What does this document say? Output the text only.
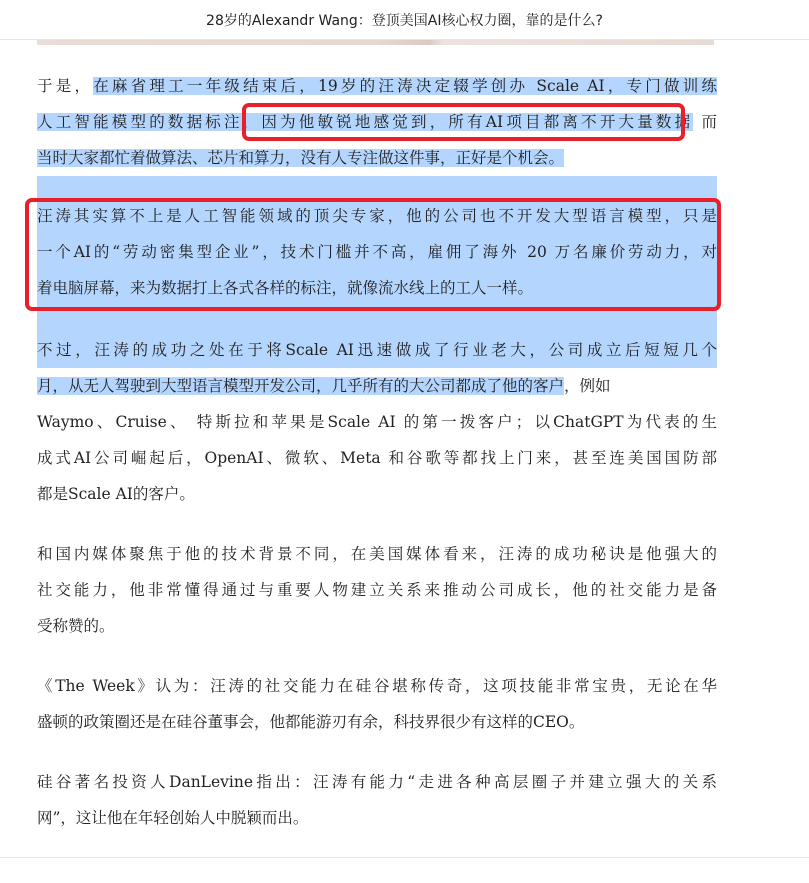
28岁的Alexandr Wang：登顶美国AI核心权力圈，靠的是什么?
于是，在麻省理工一年级结束后，19岁的汪涛决定辍学创办 Scale AI，专门做训练
人工智能模型的数据标注，因为他敏锐地感觉到，所有AI项目都离不开大量数据 而
当时大家都忙着做算法、芯片和算力，没有人专注做这件事，正好是个机会。
汪涛其实算不上是人工智能领域的顶尖专家，他的公司也不开发大型语言模型，只是
一个AI的“劳动密集型企业”，技术门槛并不高，雇佣了海外 20 万名廉价劳动力，对
着电脑屏幕，来为数据打上各式各样的标注，就像流水线上的工人一样。
不过，汪涛的成功之处在于将Scale AI迅速做成了行业老大，公司成立后短短几个
月，从无人驾驶到大型语言模型开发公司，几乎所有的大公司都成了他的客户，例如
Waymo、Cruise、 特斯拉和苹果是Scale AI 的第一拨客户；以ChatGPT为代表的生
成式AI公司崛起后，OpenAI、微软、Meta 和谷歌等都找上门来，甚至连美国国防部
都是Scale AI的客户。
和国内媒体聚焦于他的技术背景不同，在美国媒体看来，汪涛的成功秘诀是他强大的
社交能力，他非常懂得通过与重要人物建立关系来推动公司成长，他的社交能力是备
受称赞的。
《The Week》认为：汪涛的社交能力在硅谷堪称传奇，这项技能非常宝贵，无论在华
盛顿的政策圈还是在硅谷董事会，他都能游刃有余，科技界很少有这样的CEO。
硅谷著名投资人DanLevine指出：汪涛有能力“走进各种高层圈子并建立强大的关系
网”，这让他在年轻创始人中脱颖而出。
